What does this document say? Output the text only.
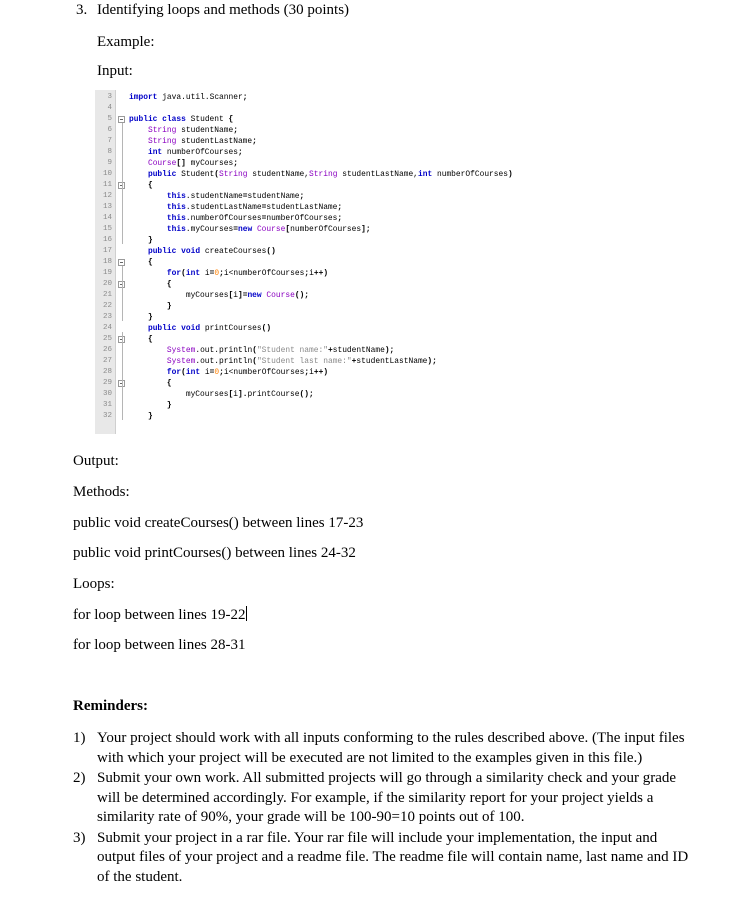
3. Identifying loops and methods (30 points)
Example:
Input:
3 import java.util.Scanner;
4
5 public class Student {
6	String studentName;
7	String studentLastName;
8	int numberOfCourses;
9	Course[] myCourses;
10	public Student(String studentName,String studentLastName,int numberOfCourses)
11 {
12	this.studentName=studentName;
13	this.studentLastName=studentLastName;
14	this.numberOfCourses=numberOfCourses;
15	this.myCourses=new Course[numberOfCourses];
16 }
17	public void createCourses()
18 {
19	for(int i=0;i<numberOfCourses;i++)
20 {
21	myCourses[i]=new Course();
22 }
23 }
24	public void printCourses()
25 {
26	System.out.println("Student name:"+studentName);
27	System.out.println("Student last name:"+studentLastName);
28	for(int i=0;i<numberOfCourses;i++)
29 {
30	myCourses[i].printCourse();
31 }
32 }
Output:
Methods:
public void createCourses() between lines 17-23
public void printCourses() between lines 24-32
Loops:
for loop between lines 19-22
for loop between lines 28-31
Reminders:
1) Your project should work with all inputs conforming to the rules described above. (The input files with which your project will be executed are not limited to the examples given in this file.)
2) Submit your own work. All submitted projects will go through a similarity check and your grade will be determined accordingly. For example, if the similarity report for your project yields a similarity rate of 90%, your grade will be 100-90=10 points out of 100.
3) Submit your project in a rar file. Your rar file will include your implementation, the input and output files of your project and a readme file. The readme file will contain name, last name and ID of the student.
